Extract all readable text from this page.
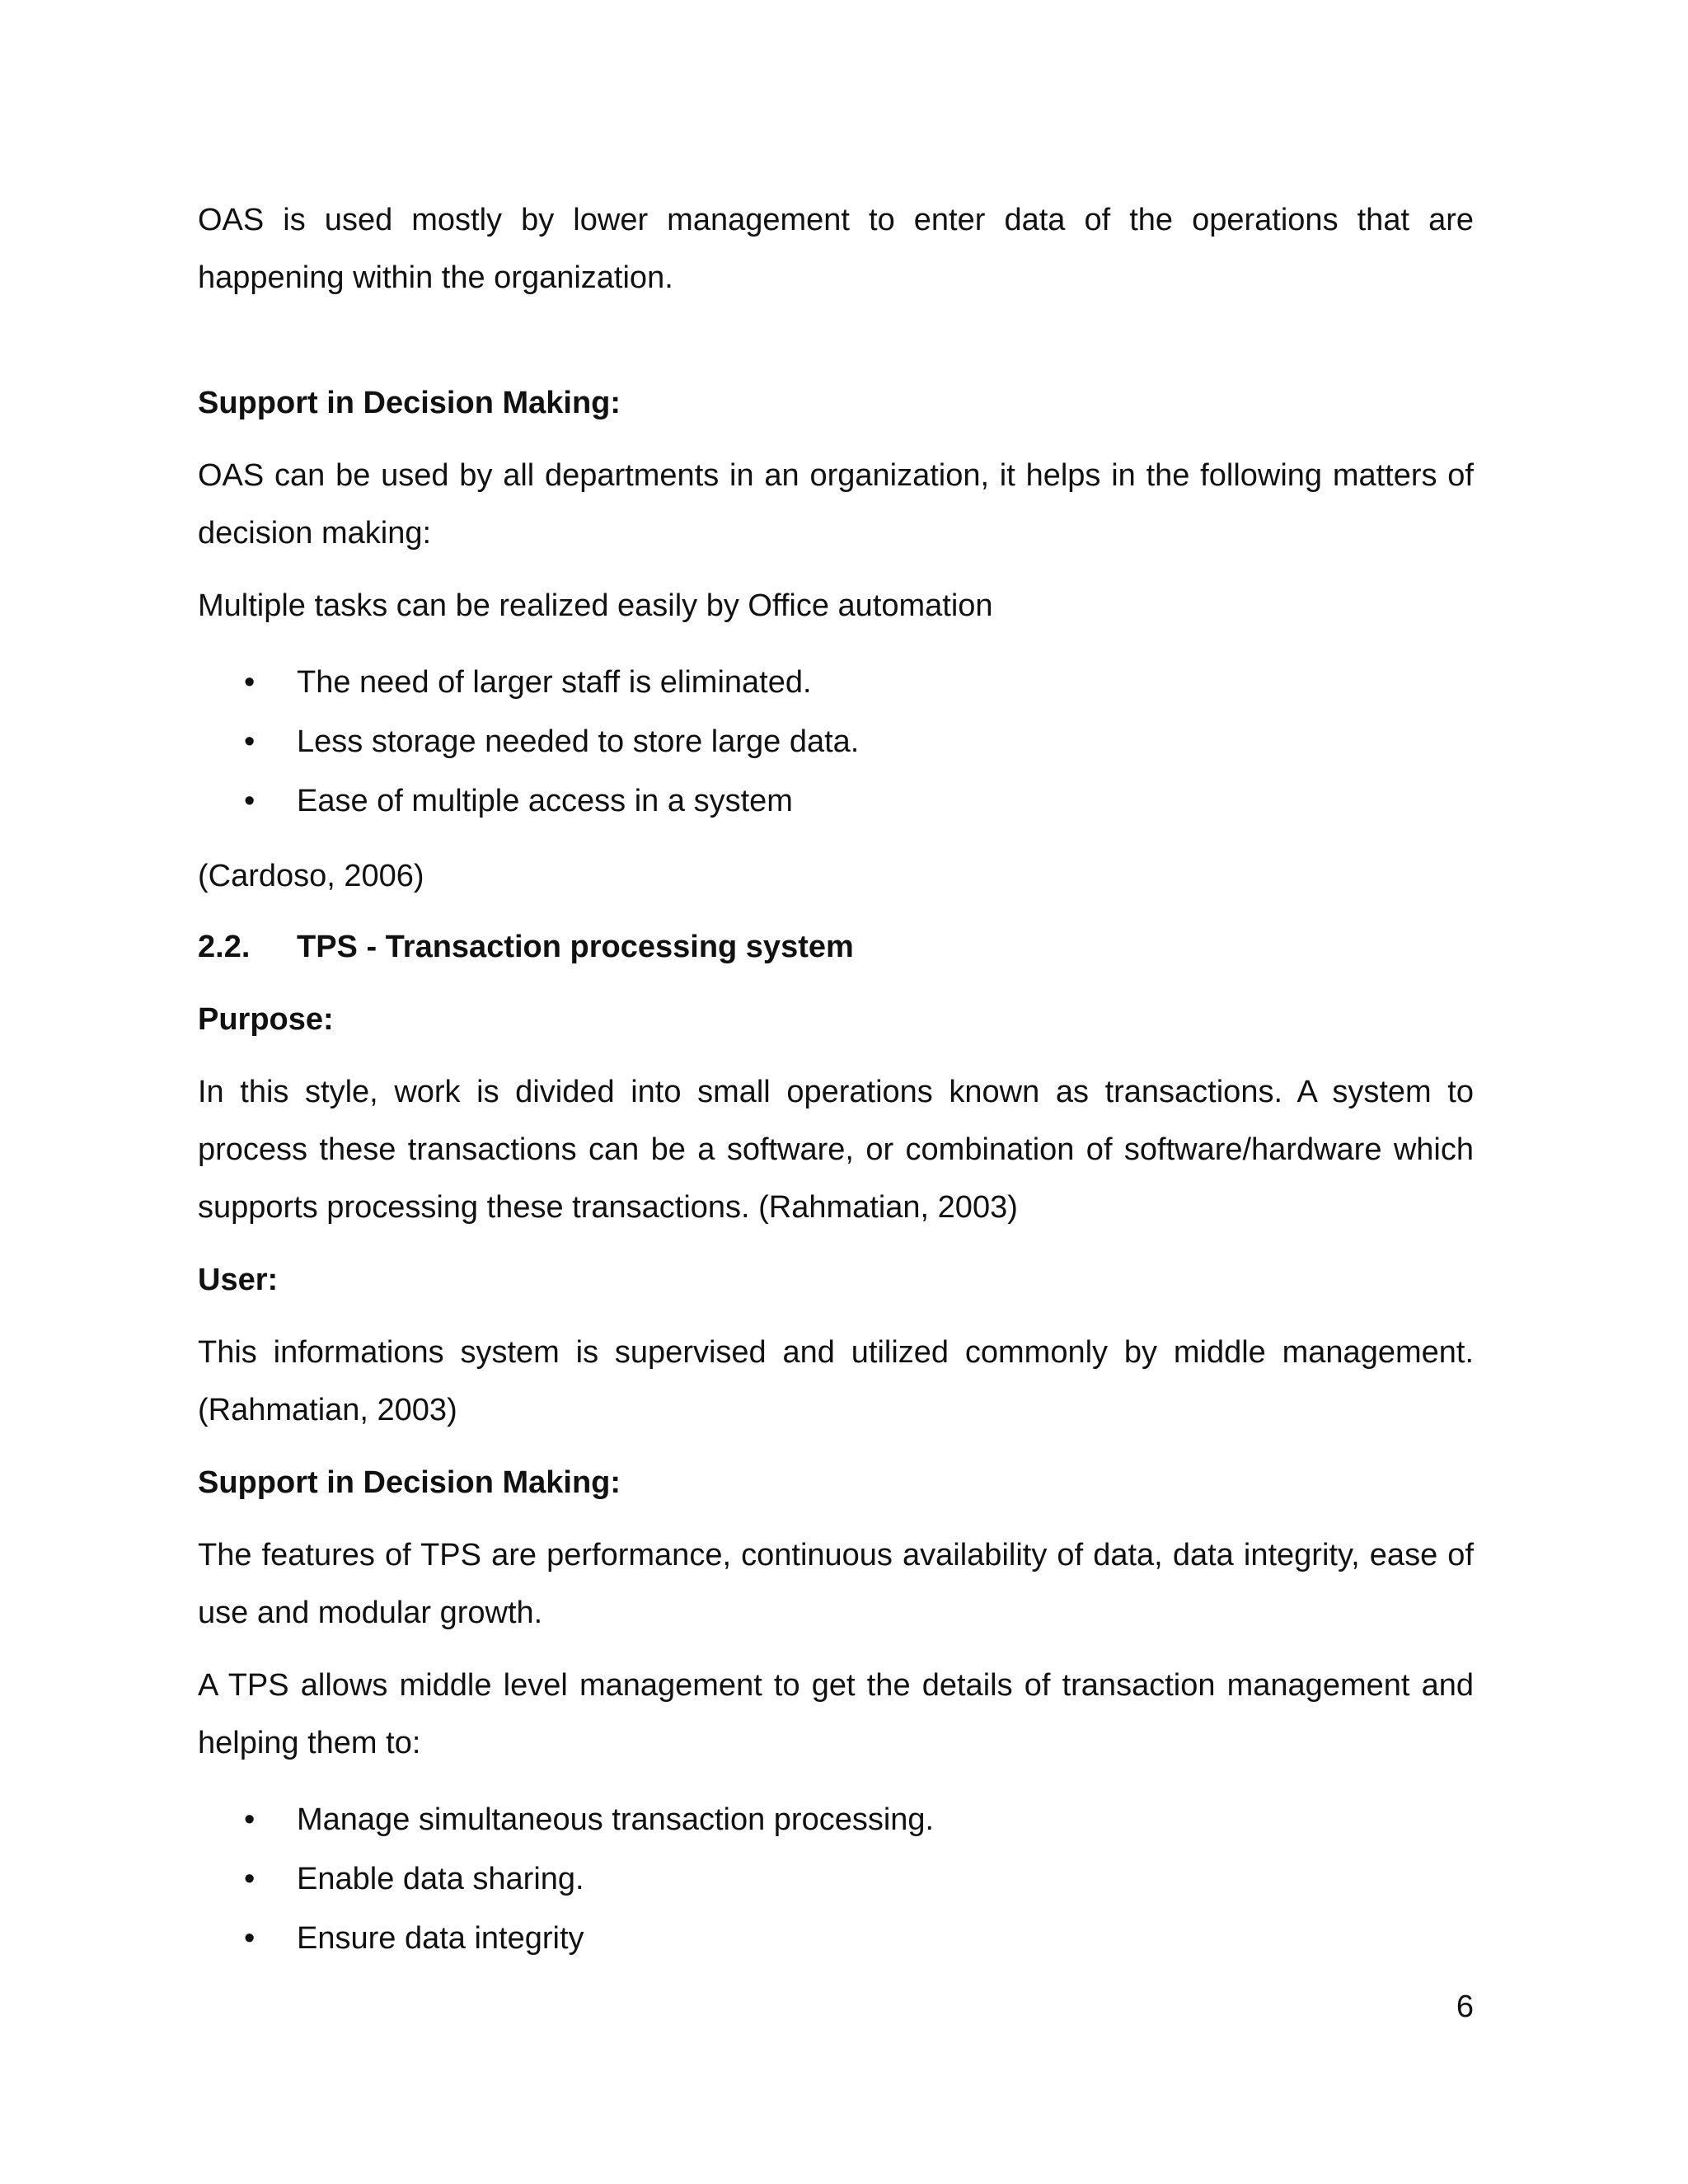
OAS is used mostly by lower management to enter data of the operations that are happening within the organization.

Support in Decision Making:

OAS can be used by all departments in an organization, it helps in the following matters of decision making:

Multiple tasks can be realized easily by Office automation

• The need of larger staff is eliminated.
• Less storage needed to store large data.
• Ease of multiple access in a system

(Cardoso, 2006)

2.2. TPS - Transaction processing system

Purpose:

In this style, work is divided into small operations known as transactions. A system to process these transactions can be a software, or combination of software/hardware which supports processing these transactions. (Rahmatian, 2003)

User:

This informations system is supervised and utilized commonly by middle management. (Rahmatian, 2003)

Support in Decision Making:

The features of TPS are performance, continuous availability of data, data integrity, ease of use and modular growth.

A TPS allows middle level management to get the details of transaction management and helping them to:

• Manage simultaneous transaction processing.
• Enable data sharing.
• Ensure data integrity
6
